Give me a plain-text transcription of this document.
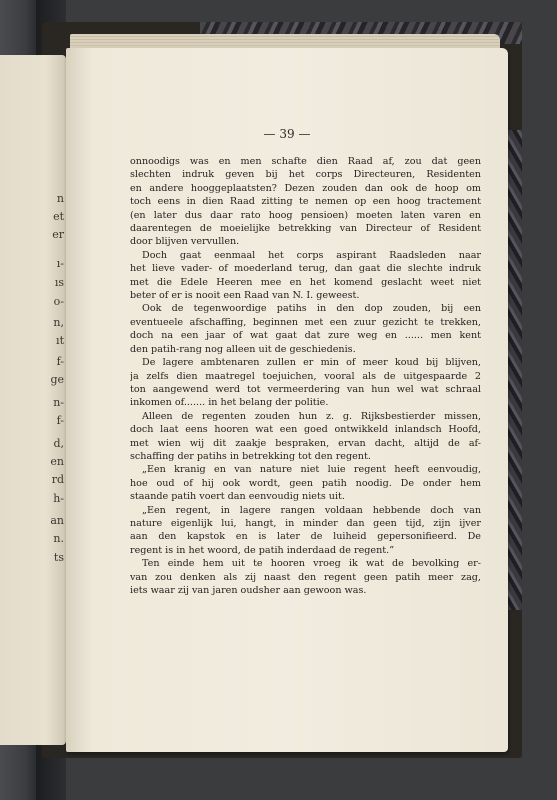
n
et
er
ı-
ıs
o-
n,
ıt
f-
ge
n-
f-
d,
en
rd
h-
an
n.
ts
— 39 —
onnoodigs was en men schafte dien Raad af, zou dat geen
slechten indruk geven bij het corps Directeuren, Residenten
en andere hooggeplaatsten? Dezen zouden dan ook de hoop om
toch eens in dien Raad zitting te nemen op een hoog tractement
(en later dus daar rato hoog pensioen) moeten laten varen en
daarentegen de moeielijke betrekking van Directeur of Resident
door blijven vervullen.
Doch gaat eenmaal het corps aspirant Raadsleden naar
het lieve vader- of moederland terug, dan gaat die slechte indruk
met die Edele Heeren mee en het komend geslacht weet niet
beter of er is nooit een Raad van N. I. geweest.
Ook de tegenwoordige patihs in den dop zouden, bij een
eventueele afschaffing, beginnen met een zuur gezicht te trekken,
doch na een jaar of wat gaat dat zure weg en ...... men kent
den patih-rang nog alleen uit de geschiedenis.
De lagere ambtenaren zullen er min of meer koud bij blijven,
ja zelfs dien maatregel toejuichen, vooral als de uitgespaarde 2
ton aangewend werd tot vermeerdering van hun wel wat schraal
inkomen of....... in het belang der politie.
Alleen de regenten zouden hun z. g. Rijksbestierder missen,
doch laat eens hooren wat een goed ontwikkeld inlandsch Hoofd,
met wien wij dit zaakje bespraken, ervan dacht, altijd de af-
schaffing der patihs in betrekking tot den regent.
„Een kranig en van nature niet luie regent heeft eenvoudig,
hoe oud of hij ook wordt, geen patih noodig. De onder hem
staande patih voert dan eenvoudig niets uit.
„Een regent, in lagere rangen voldaan hebbende doch van
nature eigenlijk lui, hangt, in minder dan geen tijd, zijn ijver
aan den kapstok en is later de luiheid gepersonifieerd. De
regent is in het woord, de patih inderdaad de regent.”
Ten einde hem uit te hooren vroeg ik wat de bevolking er-
van zou denken als zij naast den regent geen patih meer zag,
iets waar zij van jaren oudsher aan gewoon was.
